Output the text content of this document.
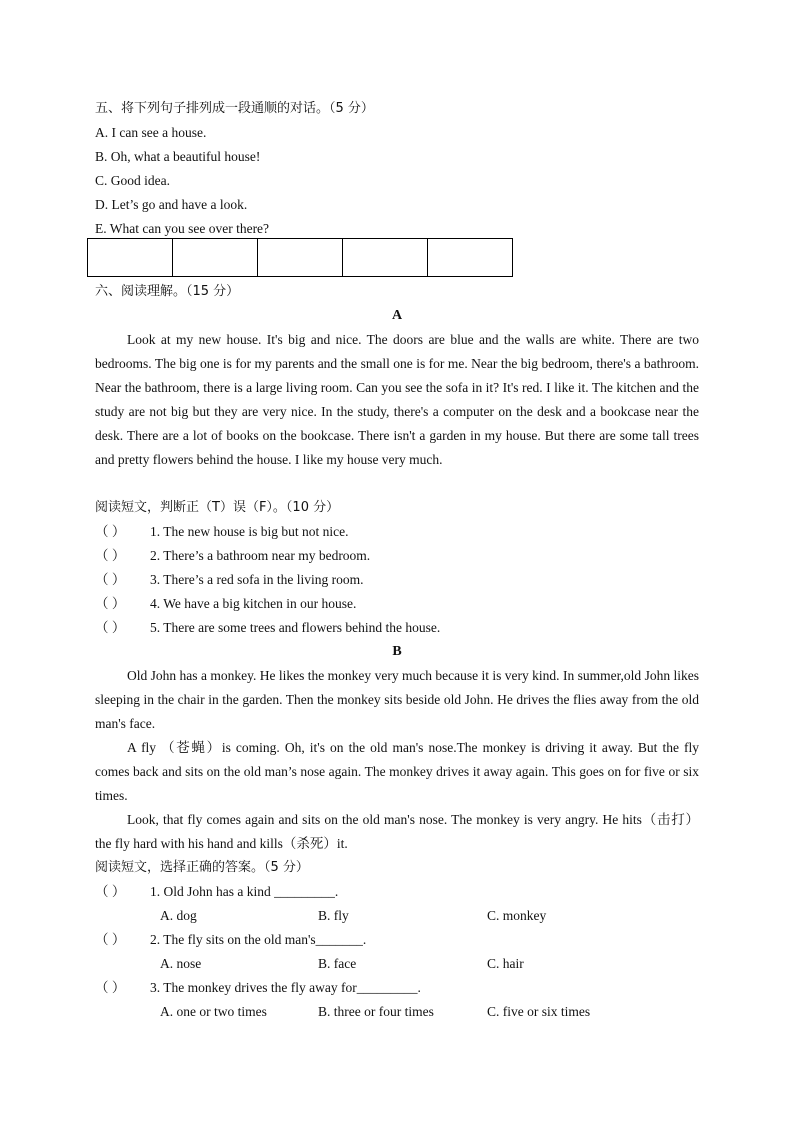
五、将下列句子排列成一段通顺的对话。（5 分）
A. I can see a house.
B. Oh, what a beautiful house!
C. Good idea.
D. Let’s go and have a look.
E. What can you see over there?

六、阅读理解。（15 分）
A

Look at my new house. It's big and nice. The doors are blue and the walls are white. There are two bedrooms. The big one is for my parents and the small one is for me. Near the big bedroom, there's a bathroom. Near the bathroom, there is a large living room. Can you see the sofa in it? It's red. I like it. The kitchen and the study are not big but they are very nice. In the study, there's a computer on the desk and a bookcase near the desk. There are a lot of books on the bookcase. There isn't a garden in my house. But there are some tall trees and pretty flowers behind the house. I like my house very much.

阅读短文，判断正（T）误（F）。（10 分）
（ ） 1. The new house is big but not nice.
（ ） 2. There’s a bathroom near my bedroom.
（ ） 3. There’s a red sofa in the living room.
（ ） 4. We have a big kitchen in our house.
（ ） 5. There are some trees and flowers behind the house.
B

Old John has a monkey. He likes the monkey very much because it is very kind. In summer,old John likes sleeping in the chair in the garden. Then the monkey sits beside old John. He drives the flies away from the old man's face.

A fly （苍蝇）is coming. Oh, it's on the old man's nose.The monkey is driving it away. But the fly comes back and sits on the old man’s nose again. The monkey drives it away again. This goes on for five or six times.

Look, that fly comes again and sits on the old man's nose. The monkey is very angry. He hits（击打） the fly hard with his hand and kills（杀死）it.

阅读短文，选择正确的答案。（5 分）
（ ） 1. Old John has a kind _________.
A. dog	B. fly	C. monkey
（ ） 2. The fly sits on the old man's_______.
A. nose	B. face	C. hair
（ ） 3. The monkey drives the fly away for_________.
A. one or two times	B. three or four times	C. five or six times
